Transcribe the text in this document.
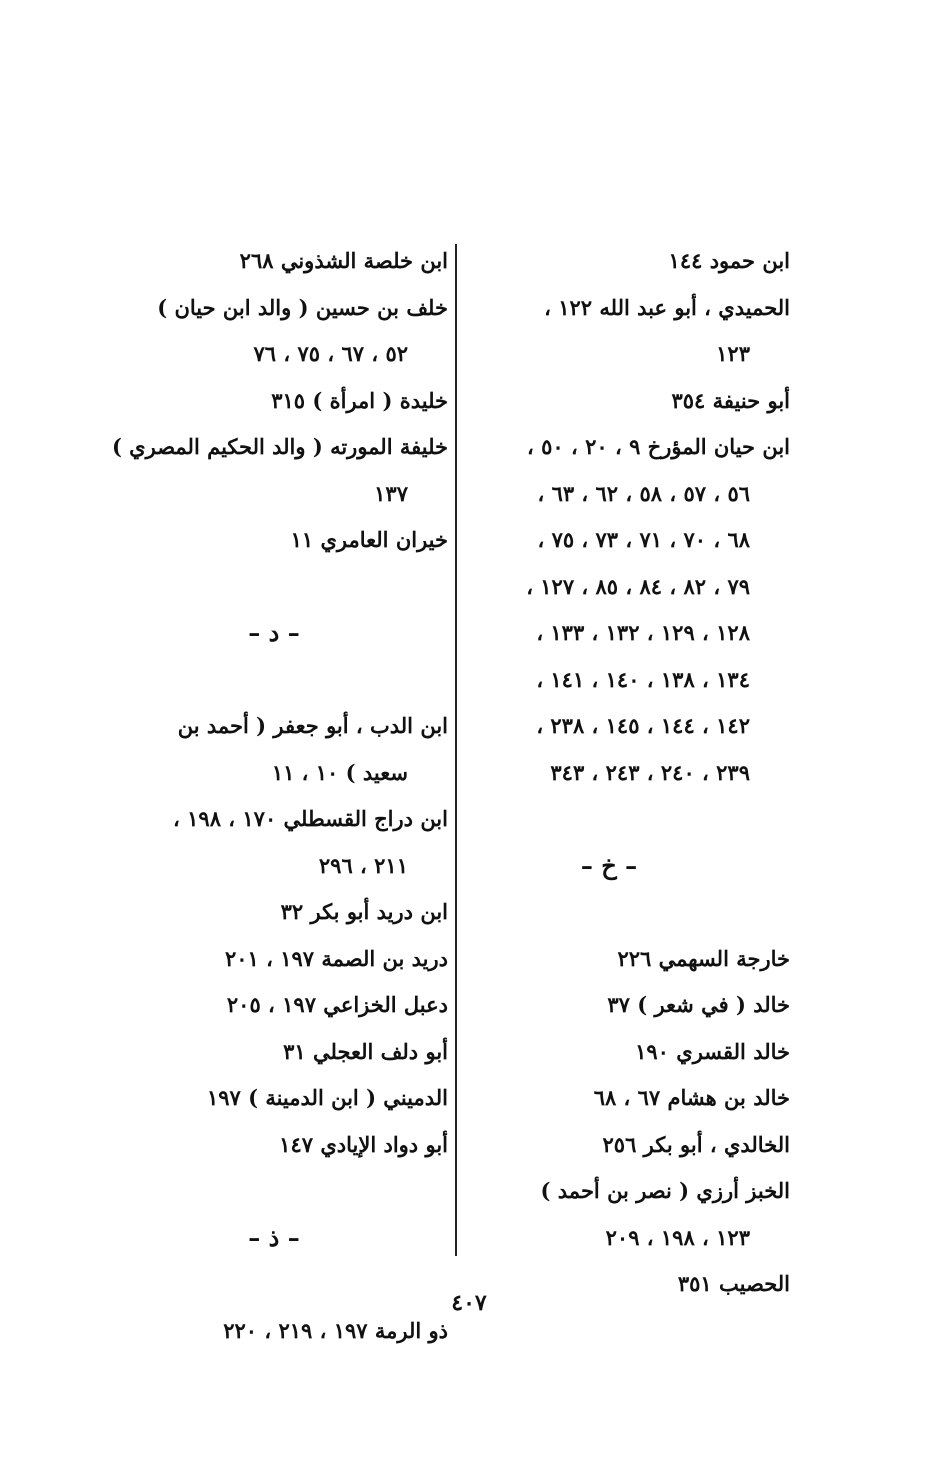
ابن حمود ١٤٤
الحميدي ، أبو عبد الله ١٢٢ ،
١٢٣
أبو حنيفة ٣٥٤
ابن حيان المؤرخ ٩ ، ٢٠ ، ٥٠ ،
٥٦ ، ٥٧ ، ٥٨ ، ٦٢ ، ٦٣ ،
٦٨ ، ٧٠ ، ٧١ ، ٧٣ ، ٧٥ ،
٧٩ ، ٨٢ ، ٨٤ ، ٨٥ ، ١٢٧ ،
١٢٨ ، ١٢٩ ، ١٣٢ ، ١٣٣ ،
١٣٤ ، ١٣٨ ، ١٤٠ ، ١٤١ ،
١٤٢ ، ١٤٤ ، ١٤٥ ، ٢٣٨ ،
٢٣٩ ، ٢٤٠ ، ٢٤٣ ، ٣٤٣
– خ –
خارجة السهمي ٢٢٦
خالد ( في شعر ) ٣٧
خالد القسري ١٩٠
خالد بن هشام ٦٧ ، ٦٨
الخالدي ، أبو بكر ٢٥٦
الخبز أرزي ( نصر بن أحمد )
١٢٣ ، ١٩٨ ، ٢٠٩
الحصيب ٣٥١
ابن خلصة الشذوني ٢٦٨
خلف بن حسين ( والد ابن حيان )
٥٢ ، ٦٧ ، ٧٥ ، ٧٦
خليدة ( امرأة ) ٣١٥
خليفة المورته ( والد الحكيم المصري )
١٣٧
خيران العامري ١١
– د –
ابن الدب ، أبو جعفر ( أحمد بن
سعيد ) ١٠ ، ١١
ابن دراج القسطلي ١٧٠ ، ١٩٨ ،
٢١١ ، ٢٩٦
ابن دريد أبو بكر ٣٢
دريد بن الصمة ١٩٧ ، ٢٠١
دعبل الخزاعي ١٩٧ ، ٢٠٥
أبو دلف العجلي ٣١
الدميني ( ابن الدمينة ) ١٩٧
أبو دواد الإيادي ١٤٧
– ذ –
ذو الرمة ١٩٧ ، ٢١٩ ، ٢٢٠
٤٠٧
